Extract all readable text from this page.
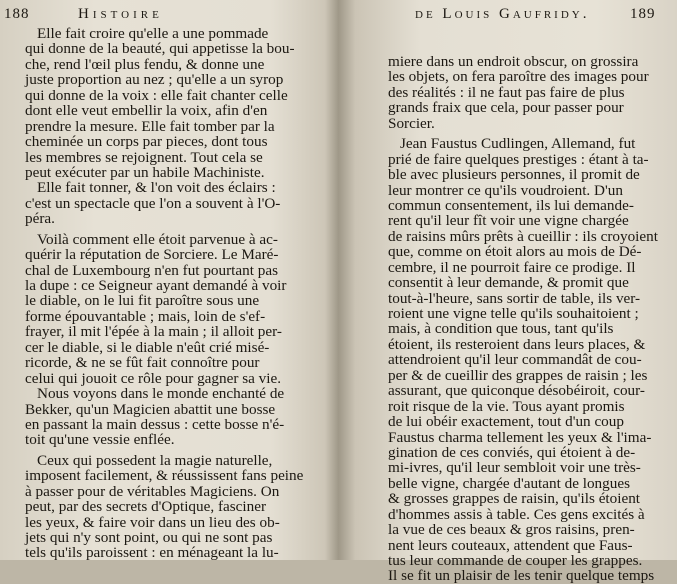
188	Histoire
Elle fait croire qu'elle a une pommade
qui donne de la beauté, qui appetisse la bou-
che, rend l'œil plus fendu, & donne une
juste proportion au nez ; qu'elle a un syrop
qui donne de la voix : elle fait chanter celle
dont elle veut embellir la voix, afin d'en
prendre la mesure. Elle fait tomber par la
cheminée un corps par pieces, dont tous
les membres se rejoignent. Tout cela se
peut exécuter par un habile Machiniste.
Elle fait tonner, & l'on voit des éclairs :
c'est un spectacle que l'on a souvent à l'O-
péra.
Voilà comment elle étoit parvenue à ac-
quérir la réputation de Sorciere. Le Maré-
chal de Luxembourg n'en fut pourtant pas
la dupe : ce Seigneur ayant demandé à voir
le diable, on le lui fit paroître sous une
forme épouvantable ; mais, loin de s'ef-
frayer, il mit l'épée à la main ; il alloit per-
cer le diable, si le diable n'eût crié misé-
ricorde, & ne se fût fait connoître pour
celui qui jouoit ce rôle pour gagner sa vie.
Nous voyons dans le monde enchanté de
Bekker, qu'un Magicien abattit une bosse
en passant la main dessus : cette bosse n'é-
toit qu'une vessie enflée.
Ceux qui possedent la magie naturelle,
imposent facilement, & réussissent fans peine
à passer pour de véritables Magiciens. On
peut, par des secrets d'Optique, fasciner
les yeux, & faire voir dans un lieu des ob-
jets qui n'y sont point, ou qui ne sont pas
tels qu'ils paroissent : en ménageant la lu-
de Louis Gaufridy.	189
miere dans un endroit obscur, on grossira
les objets, on fera paroître des images pour
des réalités : il ne faut pas faire de plus
grands fraix que cela, pour passer pour
Sorcier.
Jean Faustus Cudlingen, Allemand, fut
prié de faire quelques prestiges : étant à ta-
ble avec plusieurs personnes, il promit de
leur montrer ce qu'ils voudroient. D'un
commun consentement, ils lui demande-
rent qu'il leur fît voir une vigne chargée
de raisins mûrs prêts à cueillir : ils croyoient
que, comme on étoit alors au mois de Dé-
cembre, il ne pourroit faire ce prodige. Il
consentit à leur demande, & promit que
tout-à-l'heure, sans sortir de table, ils ver-
roient une vigne telle qu'ils souhaitoient ;
mais, à condition que tous, tant qu'ils
étoient, ils resteroient dans leurs places, &
attendroient qu'il leur commandât de cou-
per & de cueillir des grappes de raisin ; les
assurant, que quiconque désobéiroit, cour-
roit risque de la vie. Tous ayant promis
de lui obéir exactement, tout d'un coup
Faustus charma tellement les yeux & l'ima-
gination de ces conviés, qui étoient à de-
mi-ivres, qu'il leur sembloit voir une très-
belle vigne, chargée d'autant de longues
& grosses grappes de raisin, qu'ils étoient
d'hommes assis à table. Ces gens excités à
la vue de ces beaux & gros raisins, pren-
nent leurs couteaux, attendent que Faus-
tus leur commande de couper les grappes.
Il se fit un plaisir de les tenir quelque temps
